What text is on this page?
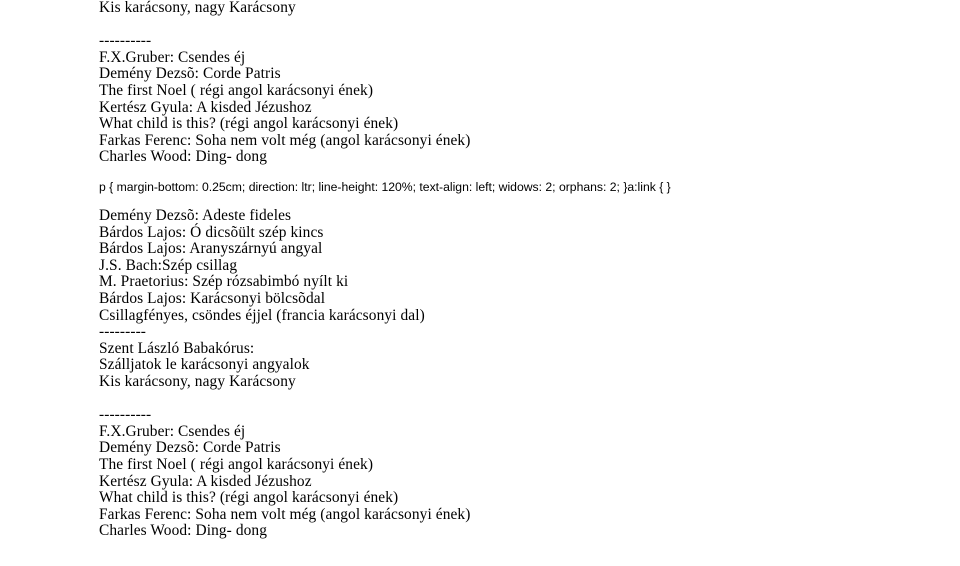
Kis karácsony, nagy Karácsony
----------
F.X.Gruber: Csendes éj
Demény Dezsõ: Corde Patris
The first Noel ( régi angol karácsonyi ének)
Kertész Gyula: A kisded Jézushoz
What child is this? (régi angol karácsonyi ének)
Farkas Ferenc: Soha nem volt még (angol karácsonyi ének)
Charles Wood: Ding- dong
p { margin-bottom: 0.25cm; direction: ltr; line-height: 120%; text-align: left; widows: 2; orphans: 2; }a:link { }
Demény Dezsõ: Adeste fideles
Bárdos Lajos: Ó dicsõült szép kincs
Bárdos Lajos: Aranyszárnyú angyal
J.S. Bach:Szép csillag
M. Praetorius: Szép rózsabimbó nyílt ki
Bárdos Lajos: Karácsonyi bölcsõdal
Csillagfényes, csöndes éjjel (francia karácsonyi dal)
---------
Szent László Babakórus:
Szálljatok le karácsonyi angyalok
Kis karácsony, nagy Karácsony
----------
F.X.Gruber: Csendes éj
Demény Dezsõ: Corde Patris
The first Noel ( régi angol karácsonyi ének)
Kertész Gyula: A kisded Jézushoz
What child is this? (régi angol karácsonyi ének)
Farkas Ferenc: Soha nem volt még (angol karácsonyi ének)
Charles Wood: Ding- dong
